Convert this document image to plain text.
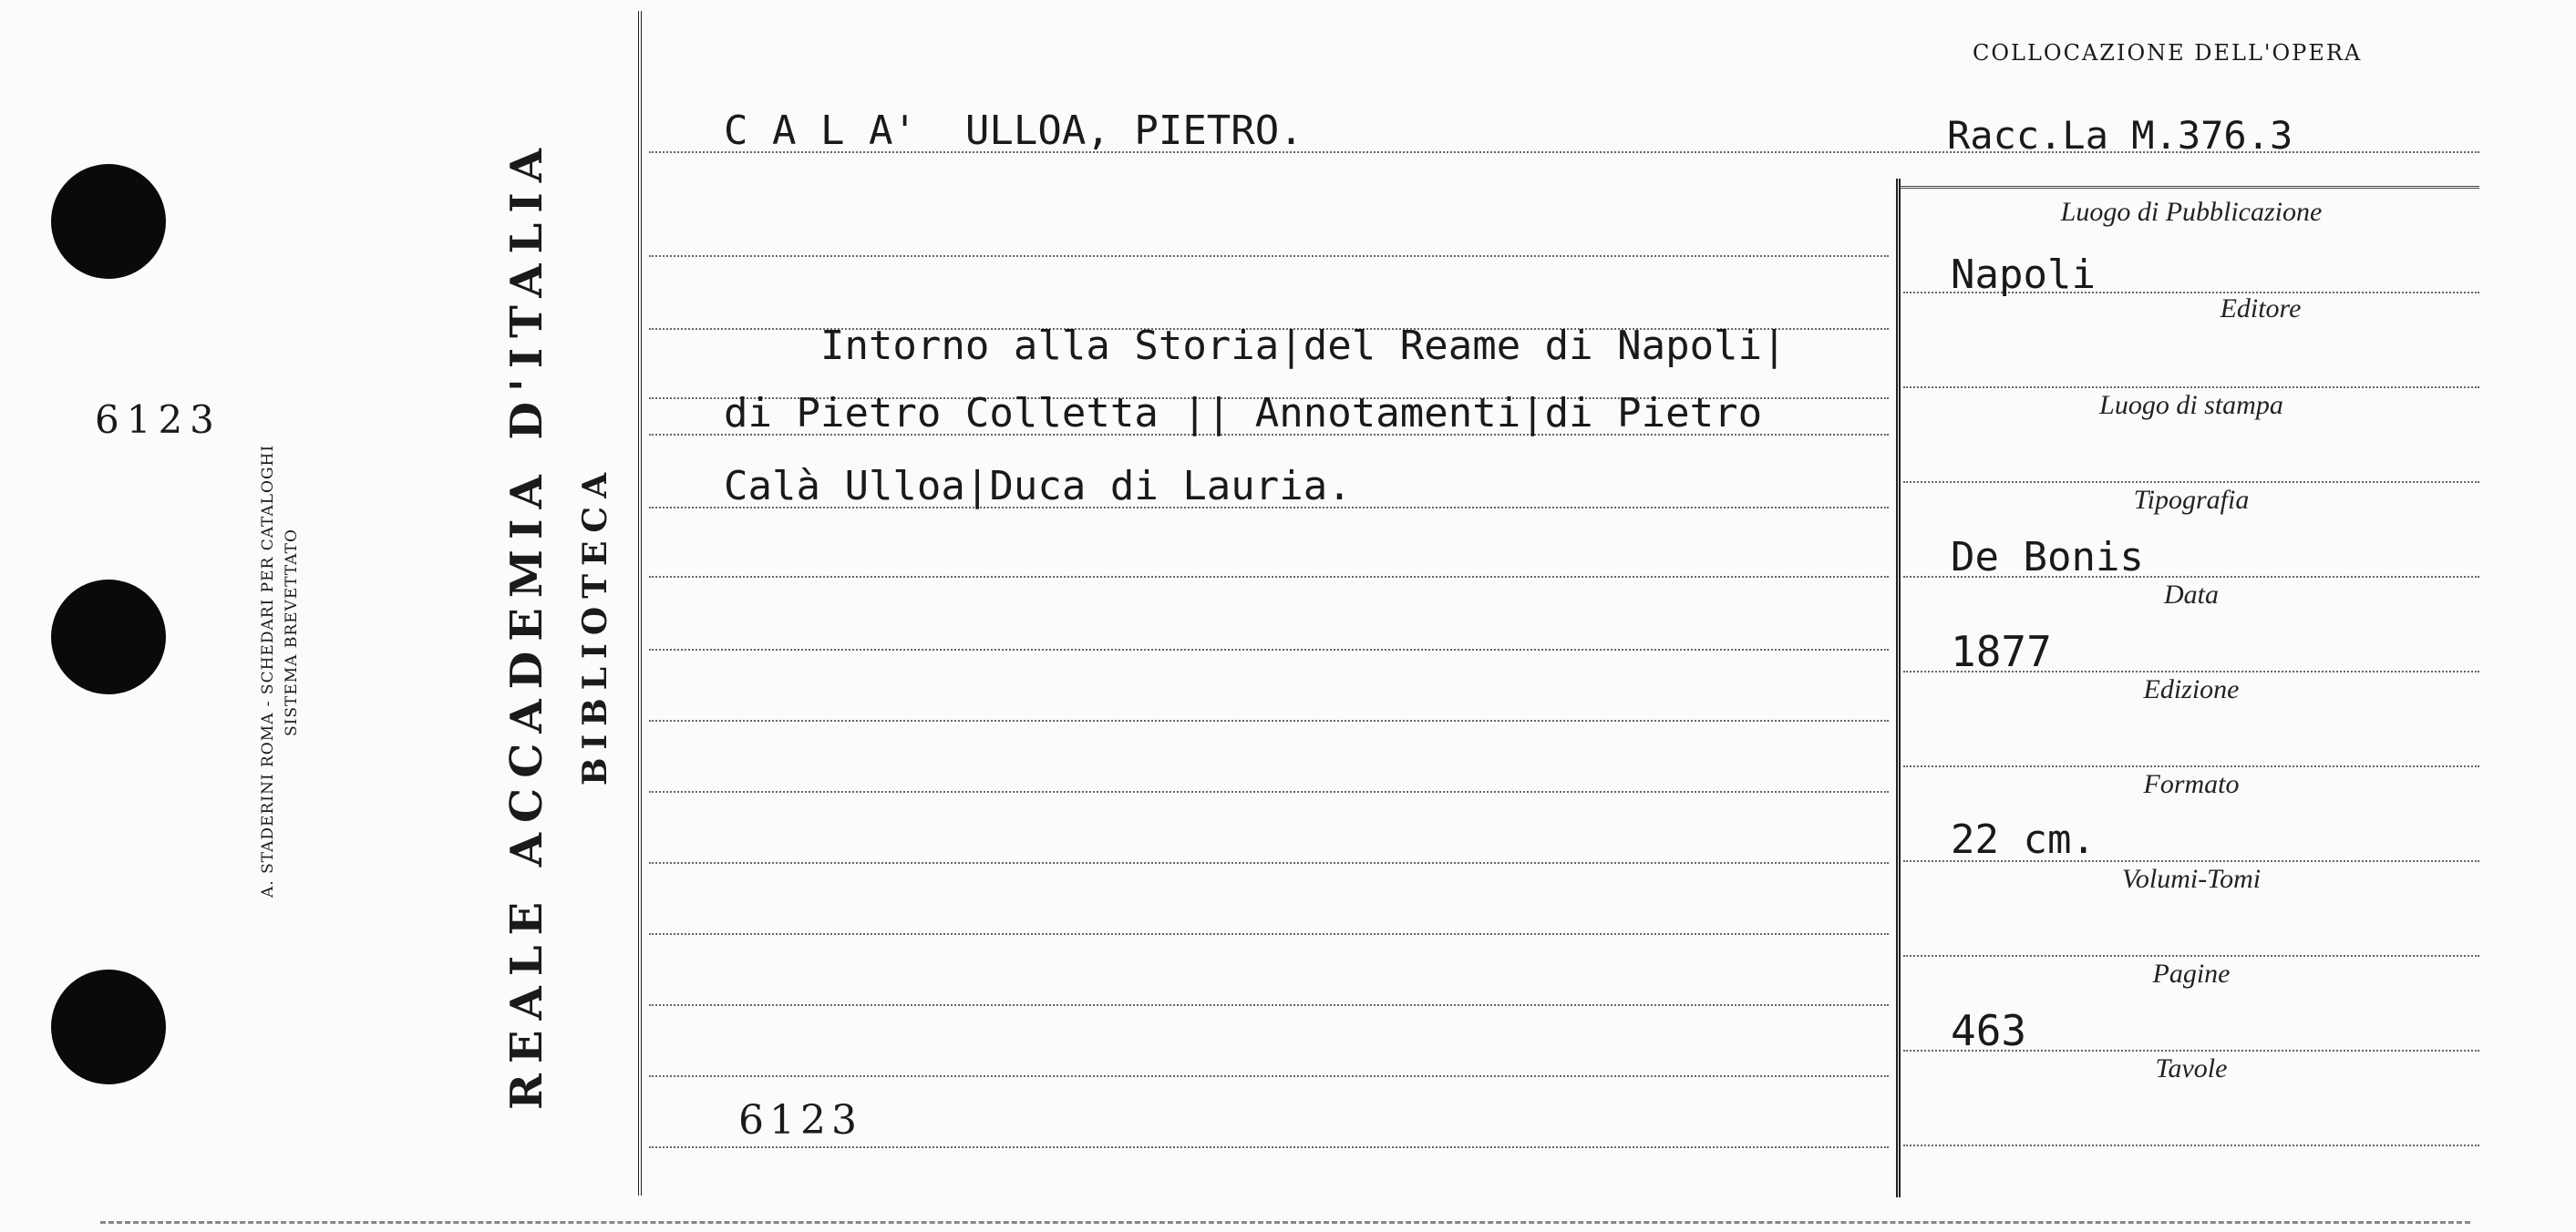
6123
A. STADERINI ROMA - SCHEDARI PER CATALOGHI SISTEMA BREVETTATO	REALE ACCADEMIA D'ITALIA BIBLIOTECA
COLLOCAZIONE DELL'OPERA
C A L A'  ULLOA, PIETRO.	Racc.La M.376.3
Intorno alla Storia|del Reame di Napoli|
di Pietro Colletta || Annotamenti|di Pietro
Calà Ulloa|Duca di Lauria.
6123
Luogo di Pubblicazione
Napoli
Editore
Luogo di stampa
Tipografia
De Bonis
Data
1877
Edizione
Formato
22 cm.
Volumi-Tomi
Pagine
463
Tavole
